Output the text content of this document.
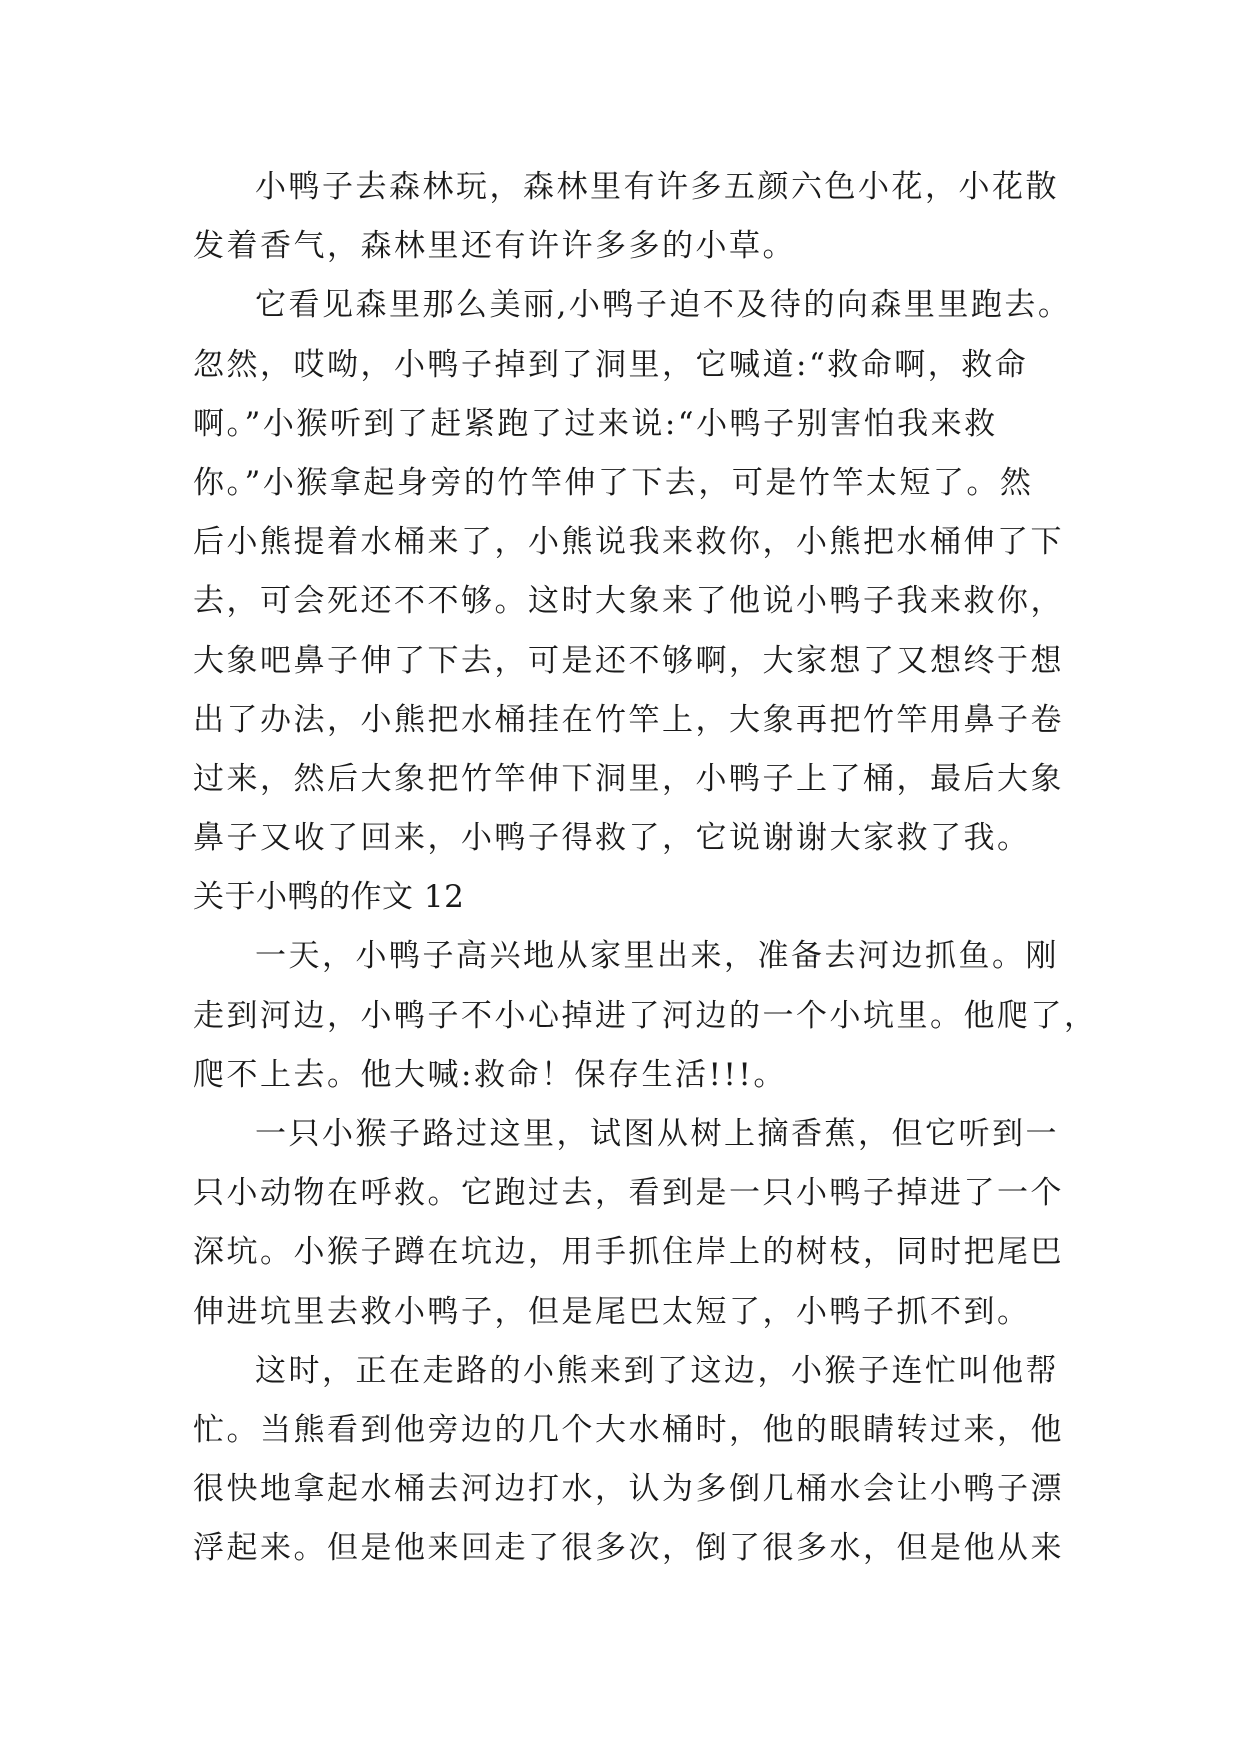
小鸭子去森林玩，森林里有许多五颜六色小花，小花散
发着香气，森林里还有许许多多的小草。
它看见森里那么美丽,小鸭子迫不及待的向森里里跑去。
忽然，哎呦，小鸭子掉到了洞里，它喊道:“救命啊，救命
啊。”小猴听到了赶紧跑了过来说:“小鸭子别害怕我来救
你。”小猴拿起身旁的竹竿伸了下去，可是竹竿太短了。然
后小熊提着水桶来了，小熊说我来救你，小熊把水桶伸了下
去，可会死还不不够。这时大象来了他说小鸭子我来救你，
大象吧鼻子伸了下去，可是还不够啊，大家想了又想终于想
出了办法，小熊把水桶挂在竹竿上，大象再把竹竿用鼻子卷
过来，然后大象把竹竿伸下洞里，小鸭子上了桶，最后大象
鼻子又收了回来，小鸭子得救了，它说谢谢大家救了我。
关于小鸭的作文 12
一天，小鸭子高兴地从家里出来，准备去河边抓鱼。刚
走到河边，小鸭子不小心掉进了河边的一个小坑里。他爬了，
爬不上去。他大喊:救命！保存生活!!!。
一只小猴子路过这里，试图从树上摘香蕉，但它听到一
只小动物在呼救。它跑过去，看到是一只小鸭子掉进了一个
深坑。小猴子蹲在坑边，用手抓住岸上的树枝，同时把尾巴
伸进坑里去救小鸭子，但是尾巴太短了，小鸭子抓不到。
这时，正在走路的小熊来到了这边，小猴子连忙叫他帮
忙。当熊看到他旁边的几个大水桶时，他的眼睛转过来，他
很快地拿起水桶去河边打水，认为多倒几桶水会让小鸭子漂
浮起来。但是他来回走了很多次，倒了很多水，但是他从来
